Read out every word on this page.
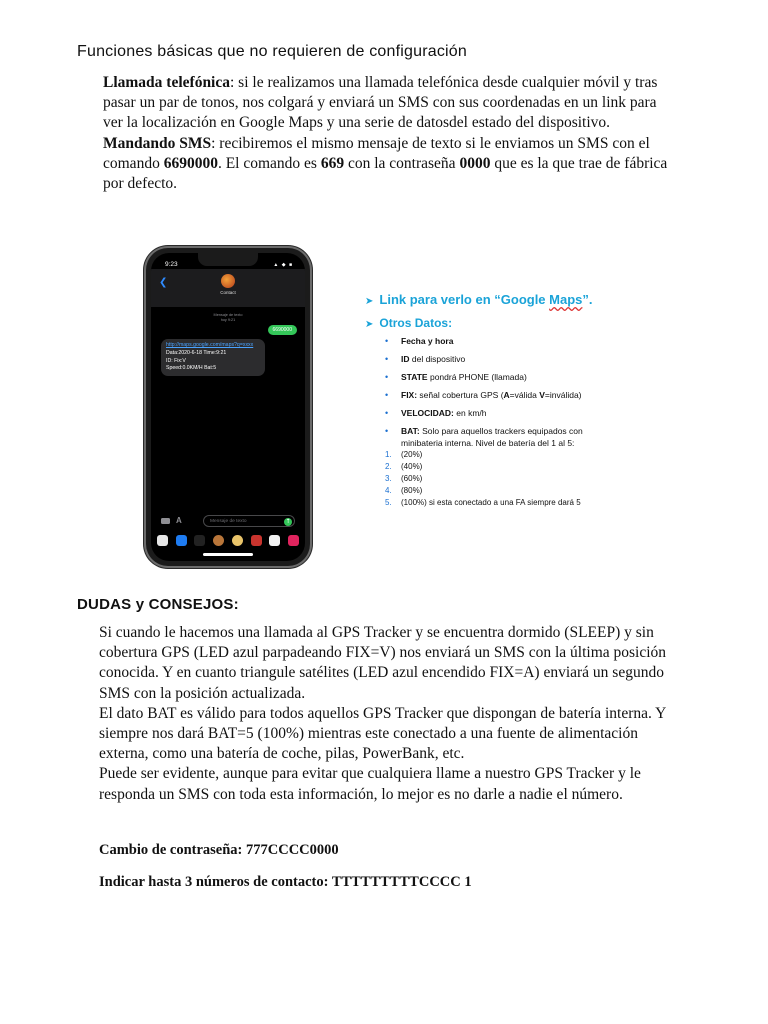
Funciones básicas que no requieren de configuración

Llamada telefónica: si le realizamos una llamada telefónica desde cualquier móvil y tras pasar un par de tonos, nos colgará y enviará un SMS con sus coordenadas en un link para ver la localización en Google Maps y una serie de datosdel estado del dispositivo.

Mandando SMS: recibiremos el mismo mensaje de texto si le enviamos un SMS con el comando 6690000. El comando es 669 con la contraseña 0000 que es la que trae de fábrica por defecto.

9:23	▲ ◆ ■
❮
Contact
Mensaje de texto
hoy 9:21
6690000
http://maps.google.com/maps?q=xxxx
Data:2020-6-18 Time:9:21
ID: Fix:V
Speed:0.0KM/H Bat:5
A	Mensaje de texto	↑
➤ Link para verlo en “Google Maps”.
➤ Otros Datos:
• Fecha y hora
• ID del dispositivo
• STATE pondrá PHONE (llamada)
• FIX: señal cobertura GPS (A=válida V=inválida)
• VELOCIDAD: en km/h
• BAT: Solo para aquellos trackers equipados con
minibateria interna. Nivel de batería del 1 al 5:
1. (20%)
2. (40%)
3. (60%)
4. (80%)
5. (100%) si esta conectado a una FA siempre dará 5
DUDAS y CONSEJOS:

Si cuando le hacemos una llamada al GPS Tracker y se encuentra dormido (SLEEP) y sin cobertura GPS (LED azul parpadeando FIX=V) nos enviará un SMS con la última posición conocida. Y en cuanto triangule satélites (LED azul encendido FIX=A) enviará un segundo SMS con la posición actualizada.

El dato BAT es válido para todos aquellos GPS Tracker que dispongan de batería interna. Y siempre nos dará BAT=5 (100%) mientras este conectado a una fuente de alimentación externa, como una batería de coche, pilas, PowerBank, etc.

Puede ser evidente, aunque para evitar que cualquiera llame a nuestro GPS Tracker y le responda un SMS con toda esta información, lo mejor es no darle a nadie el número.

Cambio de contraseña: 777CCCC0000
Indicar hasta 3 números de contacto: TTTTTTTTTCCCC 1
